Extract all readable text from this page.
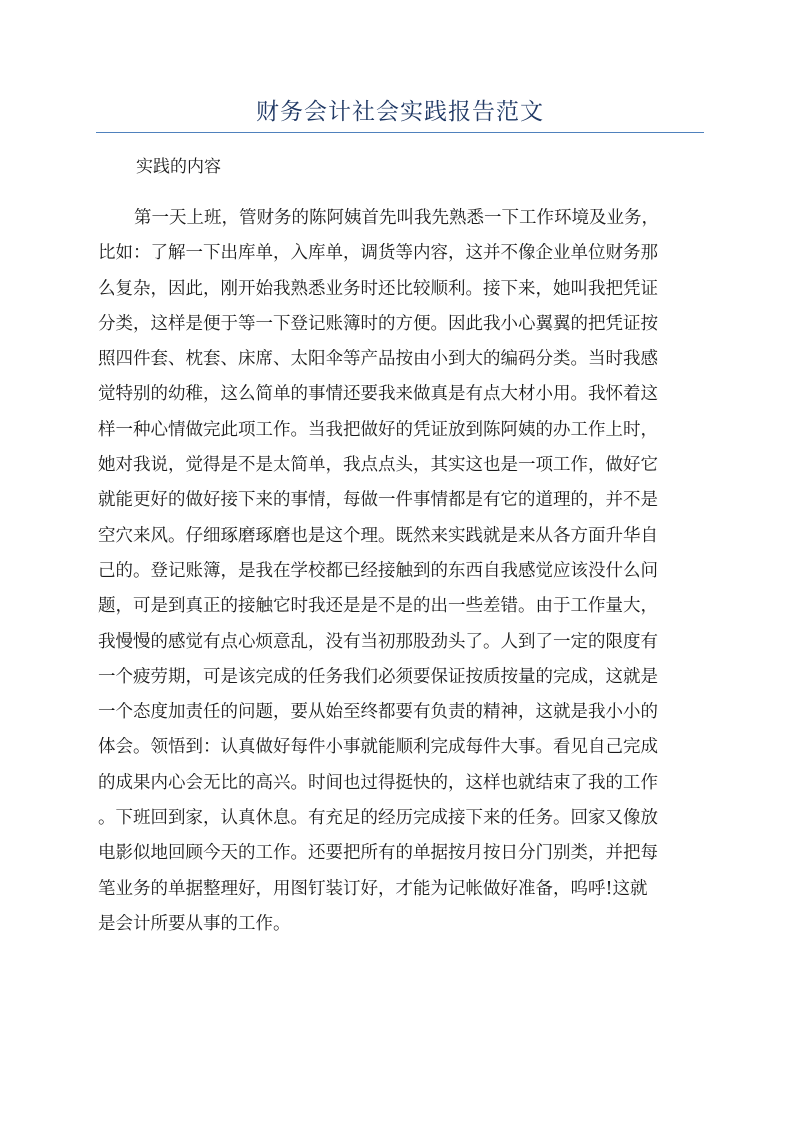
财务会计社会实践报告范文
实践的内容
第一天上班，管财务的陈阿姨首先叫我先熟悉一下工作环境及业务，
比如：了解一下出库单，入库单，调货等内容，这并不像企业单位财务那
么复杂，因此，刚开始我熟悉业务时还比较顺利。接下来，她叫我把凭证
分类，这样是便于等一下登记账簿时的方便。因此我小心翼翼的把凭证按
照四件套、枕套、床席、太阳伞等产品按由小到大的编码分类。当时我感
觉特别的幼稚，这么简单的事情还要我来做真是有点大材小用。我怀着这
样一种心情做完此项工作。当我把做好的凭证放到陈阿姨的办工作上时，
她对我说，觉得是不是太简单，我点点头，其实这也是一项工作，做好它
就能更好的做好接下来的事情，每做一件事情都是有它的道理的，并不是
空穴来风。仔细琢磨琢磨也是这个理。既然来实践就是来从各方面升华自
己的。登记账簿，是我在学校都已经接触到的东西自我感觉应该没什么问
题，可是到真正的接触它时我还是是不是的出一些差错。由于工作量大，
我慢慢的感觉有点心烦意乱，没有当初那股劲头了。人到了一定的限度有
一个疲劳期，可是该完成的任务我们必须要保证按质按量的完成，这就是
一个态度加责任的问题，要从始至终都要有负责的精神，这就是我小小的
体会。领悟到：认真做好每件小事就能顺利完成每件大事。看见自己完成
的成果内心会无比的高兴。时间也过得挺快的，这样也就结束了我的工作
。下班回到家，认真休息。有充足的经历完成接下来的任务。回家又像放
电影似地回顾今天的工作。还要把所有的单据按月按日分门别类，并把每
笔业务的单据整理好，用图钉装订好，才能为记帐做好准备，呜呼!这就
是会计所要从事的工作。
